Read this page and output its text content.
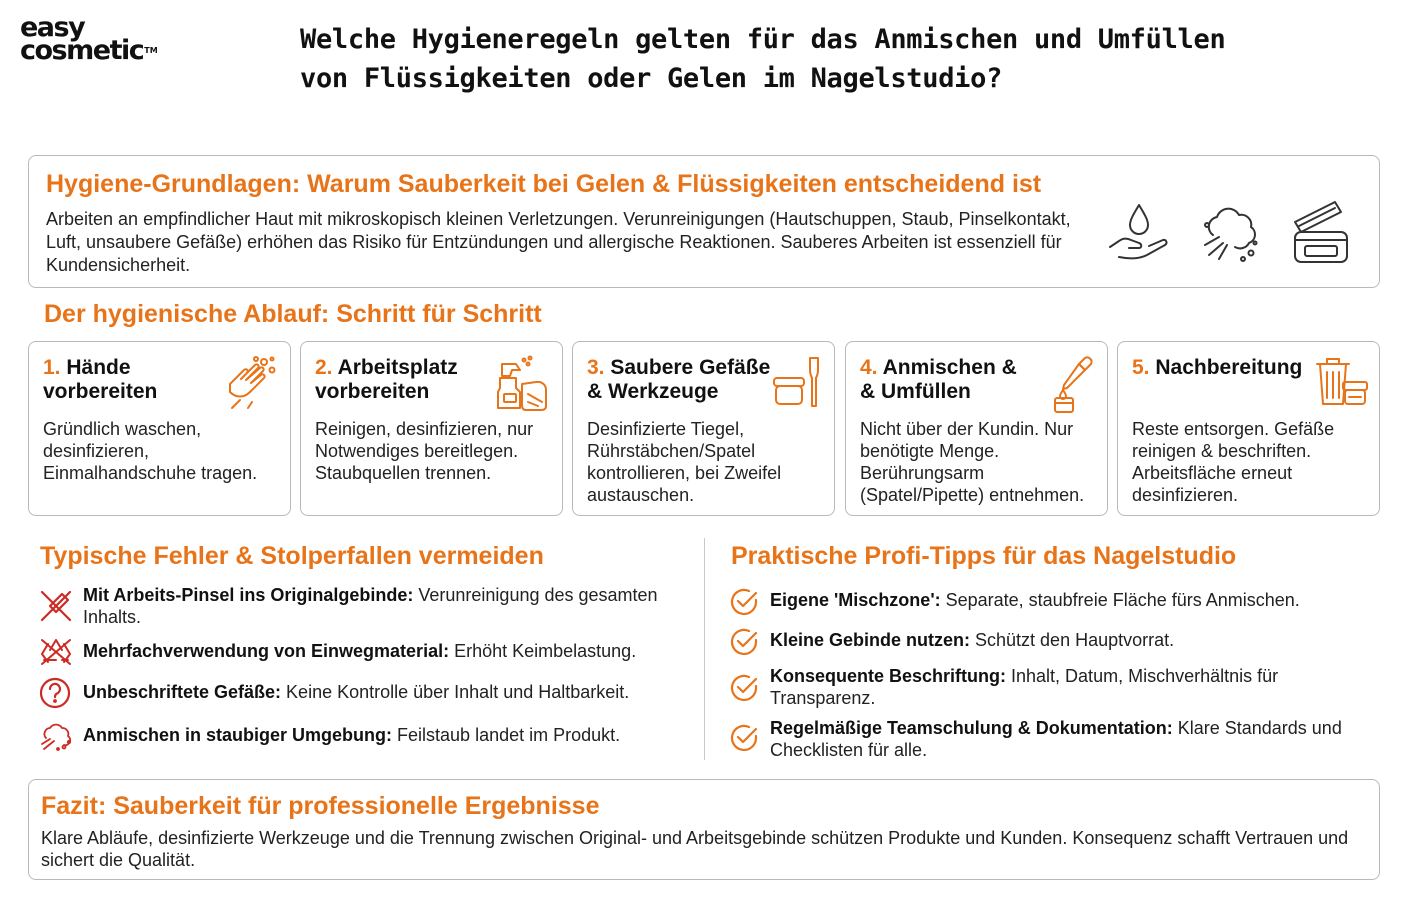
easy
cosmetic™	Welche Hygieneregeln gelten für das Anmischen und Umfüllen
von Flüssigkeiten oder Gelen im Nagelstudio?
Hygiene-Grundlagen: Warum Sauberkeit bei Gelen & Flüssigkeiten entscheidend ist
Arbeiten an empfindlicher Haut mit mikroskopisch kleinen Verletzungen. Verunreinigungen (Hautschuppen, Staub, Pinselkontakt, Luft, unsaubere Gefäße) erhöhen das Risiko für Entzündungen und allergische Reaktionen. Sauberes Arbeiten ist essenziell für Kundensicherheit.
Der hygienische Ablauf: Schritt für Schritt
1. Hände
vorbereiten
Gründlich waschen, desinfizieren, Einmalhandschuhe tragen.
2. Arbeitsplatz
vorbereiten
Reinigen, desinfizieren, nur Notwendiges bereitlegen. Staubquellen trennen.
3. Saubere Gefäße
& Werkzeuge
Desinfizierte Tiegel, Rührstäbchen/Spatel kontrollieren, bei Zweifel austauschen.
4. Anmischen &
& Umfüllen
Nicht über der Kundin. Nur benötigte Menge. Berührungsarm (Spatel/Pipette) entnehmen.
5. Nachbereitung

Reste entsorgen. Gefäße reinigen & beschriften. Arbeitsfläche erneut desinfizieren.
Typische Fehler & Stolperfallen vermeiden
Mit Arbeits-Pinsel ins Originalgebinde: Verunreinigung des gesamten Inhalts.
Mehrfachverwendung von Einwegmaterial: Erhöht Keimbelastung.
Unbeschriftete Gefäße: Keine Kontrolle über Inhalt und Haltbarkeit.
Anmischen in staubiger Umgebung: Feilstaub landet im Produkt.
Praktische Profi-Tipps für das Nagelstudio
Eigene 'Mischzone': Separate, staubfreie Fläche fürs Anmischen.
Kleine Gebinde nutzen: Schützt den Hauptvorrat.
Konsequente Beschriftung: Inhalt, Datum, Mischverhältnis für Transparenz.
Regelmäßige Teamschulung & Dokumentation: Klare Standards und Checklisten für alle.
Fazit: Sauberkeit für professionelle Ergebnisse
Klare Abläufe, desinfizierte Werkzeuge und die Trennung zwischen Original- und Arbeitsgebinde schützen Produkte und Kunden. Konsequenz schafft Vertrauen und sichert die Qualität.
